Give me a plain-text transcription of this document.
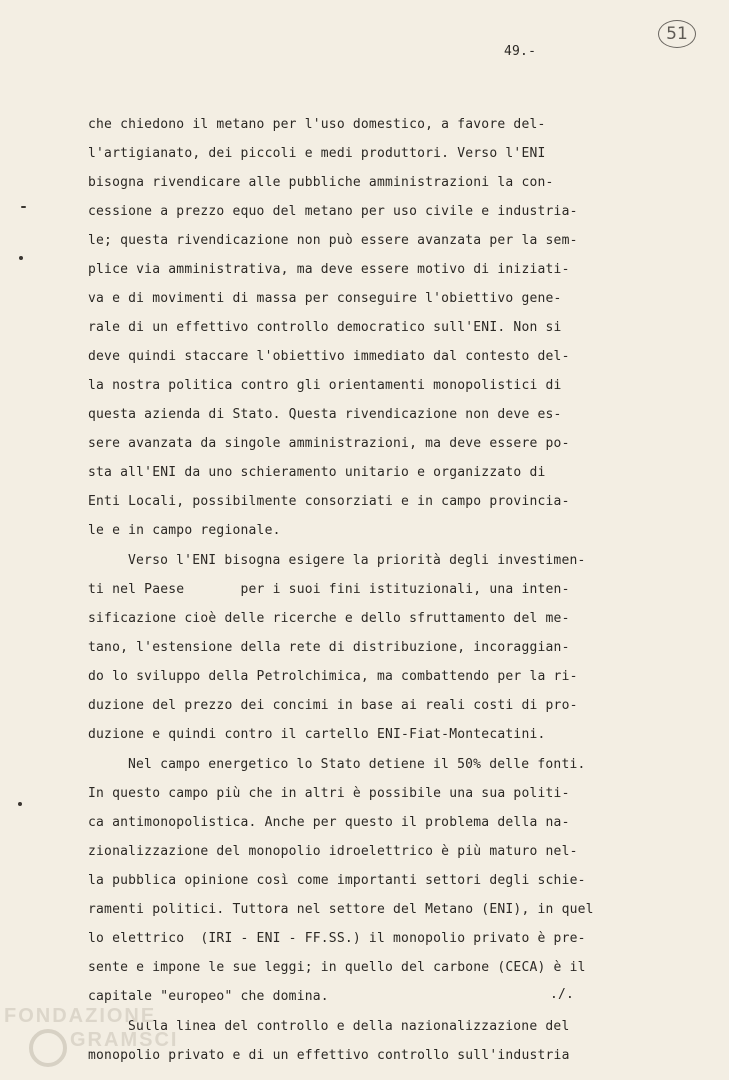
51
49.-
che chiedono il metano per l'uso domestico, a favore del-
l'artigianato, dei piccoli e medi produttori. Verso l'ENI
bisogna rivendicare alle pubbliche amministrazioni la con-
cessione a prezzo equo del metano per uso civile e industria-
le; questa rivendicazione non può essere avanzata per la sem-
plice via amministrativa, ma deve essere motivo di iniziati-
va e di movimenti di massa per conseguire l'obiettivo gene-
rale di un effettivo controllo democratico sull'ENI. Non si
deve quindi staccare l'obiettivo immediato dal contesto del-
la nostra politica contro gli orientamenti monopolistici di
questa azienda di Stato. Questa rivendicazione non deve es-
sere avanzata da singole amministrazioni, ma deve essere po-
sta all'ENI da uno schieramento unitario e organizzato di
Enti Locali, possibilmente consorziati e in campo provincia-
le e in campo regionale.
Verso l'ENI bisogna esigere la priorità degli investimen-
ti nel Paese       per i suoi fini istituzionali, una inten-
sificazione cioè delle ricerche e dello sfruttamento del me-
tano, l'estensione della rete di distribuzione, incoraggian-
do lo sviluppo della Petrolchimica, ma combattendo per la ri-
duzione del prezzo dei concimi in base ai reali costi di pro-
duzione e quindi contro il cartello ENI-Fiat-Montecatini.
Nel campo energetico lo Stato detiene il 50% delle fonti.
In questo campo più che in altri è possibile una sua politi-
ca antimonopolistica. Anche per questo il problema della na-
zionalizzazione del monopolio idroelettrico è più maturo nel-
la pubblica opinione così come importanti settori degli schie-
ramenti politici. Tuttora nel settore del Metano (ENI), in quel
lo elettrico  (IRI - ENI - FF.SS.) il monopolio privato è pre-
sente e impone le sue leggi; in quello del carbone (CECA) è il
capitale "europeo" che domina.
Sulla linea del controllo e della nazionalizzazione del
monopolio privato e di un effettivo controllo sull'industria
./.
FONDAZIONE
GRAMSCI
